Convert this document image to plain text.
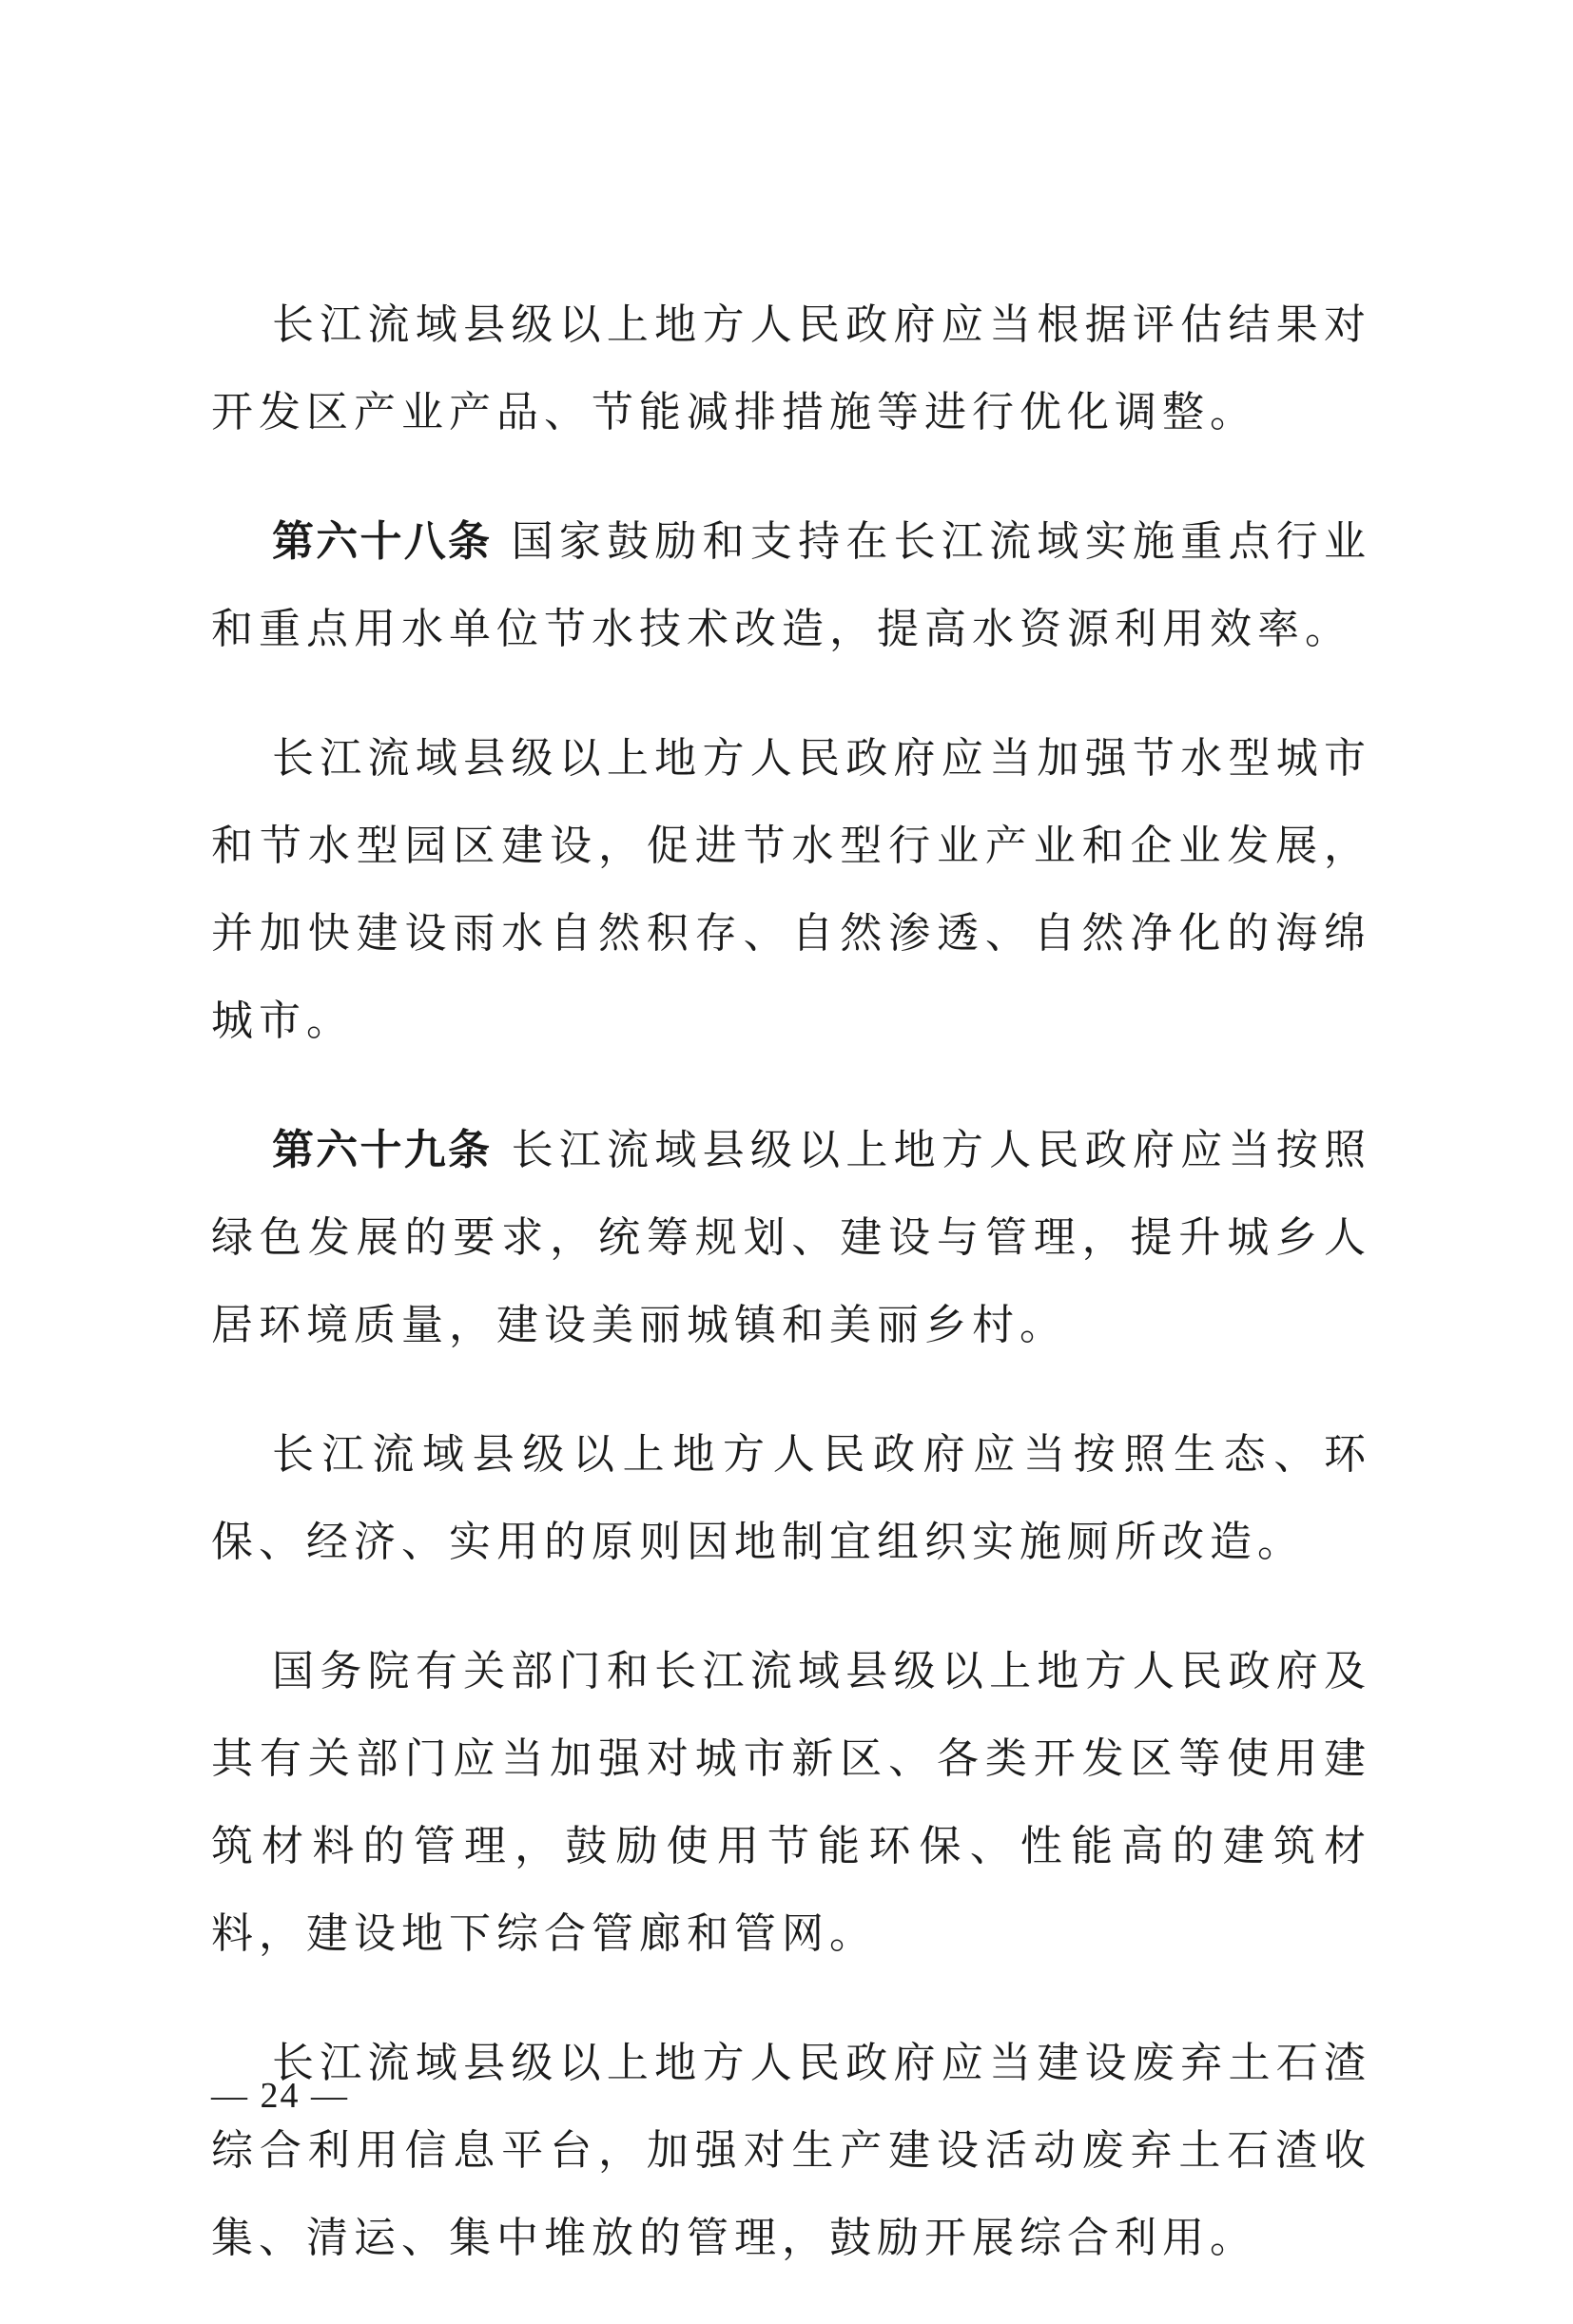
长江流域县级以上地方人民政府应当根据评估结果对开发区产业产品、节能减排措施等进行优化调整。

第六十八条 国家鼓励和支持在长江流域实施重点行业和重点用水单位节水技术改造，提高水资源利用效率。

长江流域县级以上地方人民政府应当加强节水型城市和节水型园区建设，促进节水型行业产业和企业发展，并加快建设雨水自然积存、自然渗透、自然净化的海绵城市。

第六十九条 长江流域县级以上地方人民政府应当按照绿色发展的要求，统筹规划、建设与管理，提升城乡人居环境质量，建设美丽城镇和美丽乡村。

长江流域县级以上地方人民政府应当按照生态、环保、经济、实用的原则因地制宜组织实施厕所改造。

国务院有关部门和长江流域县级以上地方人民政府及其有关部门应当加强对城市新区、各类开发区等使用建筑材料的管理，鼓励使用节能环保、性能高的建筑材料，建设地下综合管廊和管网。

长江流域县级以上地方人民政府应当建设废弃土石渣综合利用信息平台，加强对生产建设活动废弃土石渣收集、清运、集中堆放的管理，鼓励开展综合利用。

— 24 —
